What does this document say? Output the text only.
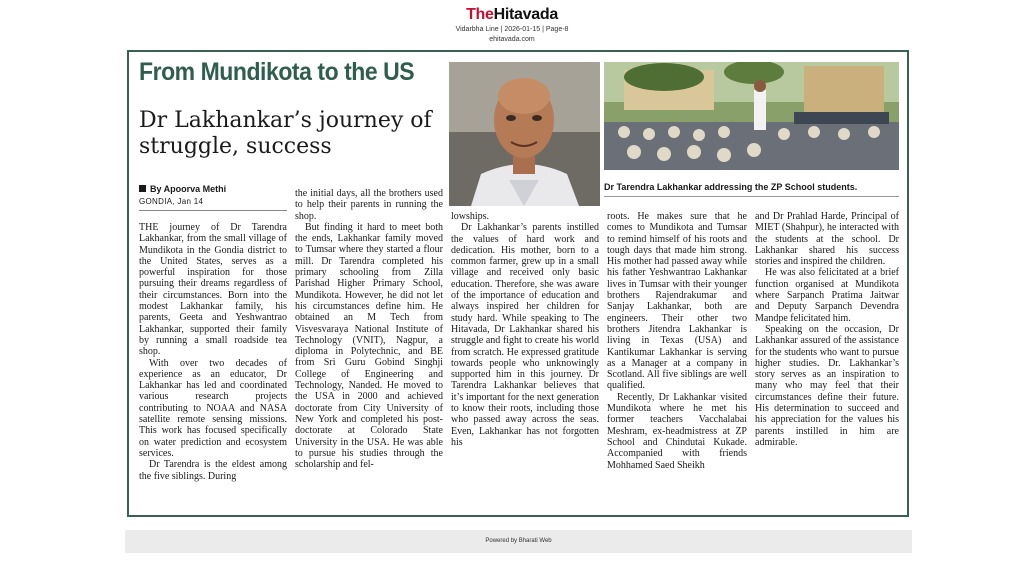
TheHitavada
Vidarbha Line | 2026-01-15 | Page-8
ehitavada.com
From Mundikota to the US
Dr Lakhankar’s journey of struggle, success
By Apoorva Methi
GONDIA, Jan 14

THE journey of Dr Tarendra Lakhankar, from the small village of Mundikota in the Gondia district to the United States, serves as a powerful inspiration for those pursuing their dreams regardless of their circumstances. Born into the modest Lakhankar family, his parents, Geeta and Yeshwantrao Lakhankar, supported their family by running a small roadside tea shop.

With over two decades of experience as an educator, Dr Lakhankar has led and coordinated various research projects contributing to NOAA and NASA satellite remote sensing missions. This work has focused specifically on water prediction and ecosystem services.

Dr Tarendra is the eldest among the five siblings. During

the initial days, all the brothers used to help their parents in running the shop.

But finding it hard to meet both the ends, Lakhankar family moved to Tumsar where they started a flour mill. Dr Tarendra completed his primary schooling from Zilla Parishad Higher Primary School, Mundikota. However, he did not let his circumstances define him. He obtained an M Tech from Visvesvaraya National Institute of Technology (VNIT), Nagpur, a diploma in Polytechnic, and BE from Sri Guru Gobind Singhji College of Engineering and Technology, Nanded. He moved to the USA in 2000 and achieved doctorate from City University of New York and completed his post-doctorate at Colorado State University in the USA. He was able to pursue his studies through the scholarship and fel-

lowships.

Dr Lakhankar’s parents instilled the values of hard work and dedication. His mother, born to a common farmer, grew up in a small village and received only basic education. Therefore, she was aware of the importance of education and always inspired her children for study hard. While speaking to The Hitavada, Dr Lakhankar shared his struggle and fight to create his world from scratch. He expressed gratitude towards people who unknowingly supported him in this journey. Dr Tarendra Lakhankar believes that it’s important for the next generation to know their roots, including those who passed away across the seas. Even, Lakhankar has not forgotten his

Dr Tarendra Lakhankar addressing the ZP School students.

roots. He makes sure that he comes to Mundikota and Tumsar to remind himself of his roots and tough days that made him strong. His mother had passed away while his father Yeshwantrao Lakhankar lives in Tumsar with their younger brothers Rajendrakumar and Sanjay Lakhankar, both are engineers. Their other two brothers Jitendra Lakhankar is living in Texas (USA) and Kantikumar Lakhankar is serving as a Manager at a company in Scotland. All five siblings are well qualified.

Recently, Dr Lakhankar visited Mundikota where he met his former teachers Vacchalabai Meshram, ex-headmistress at ZP School and Chindutai Kukade. Accompanied with friends Mohhamed Saed Sheikh

and Dr Prahlad Harde, Principal of MIET (Shahpur), he interacted with the students at the school. Dr Lakhankar shared his success stories and inspired the children.

He was also felicitated at a brief function organised at Mundikota where Sarpanch Pratima Jaitwar and Deputy Sarpanch Devendra Mandpe felicitated him.

Speaking on the occasion, Dr Lakhankar assured of the assistance for the students who want to pursue higher studies. Dr. Lakhankar’s story serves as an inspiration to many who may feel that their circumstances define their future. His determination to succeed and his appreciation for the values his parents instilled in him are admirable.

Powered by Bharati Web
